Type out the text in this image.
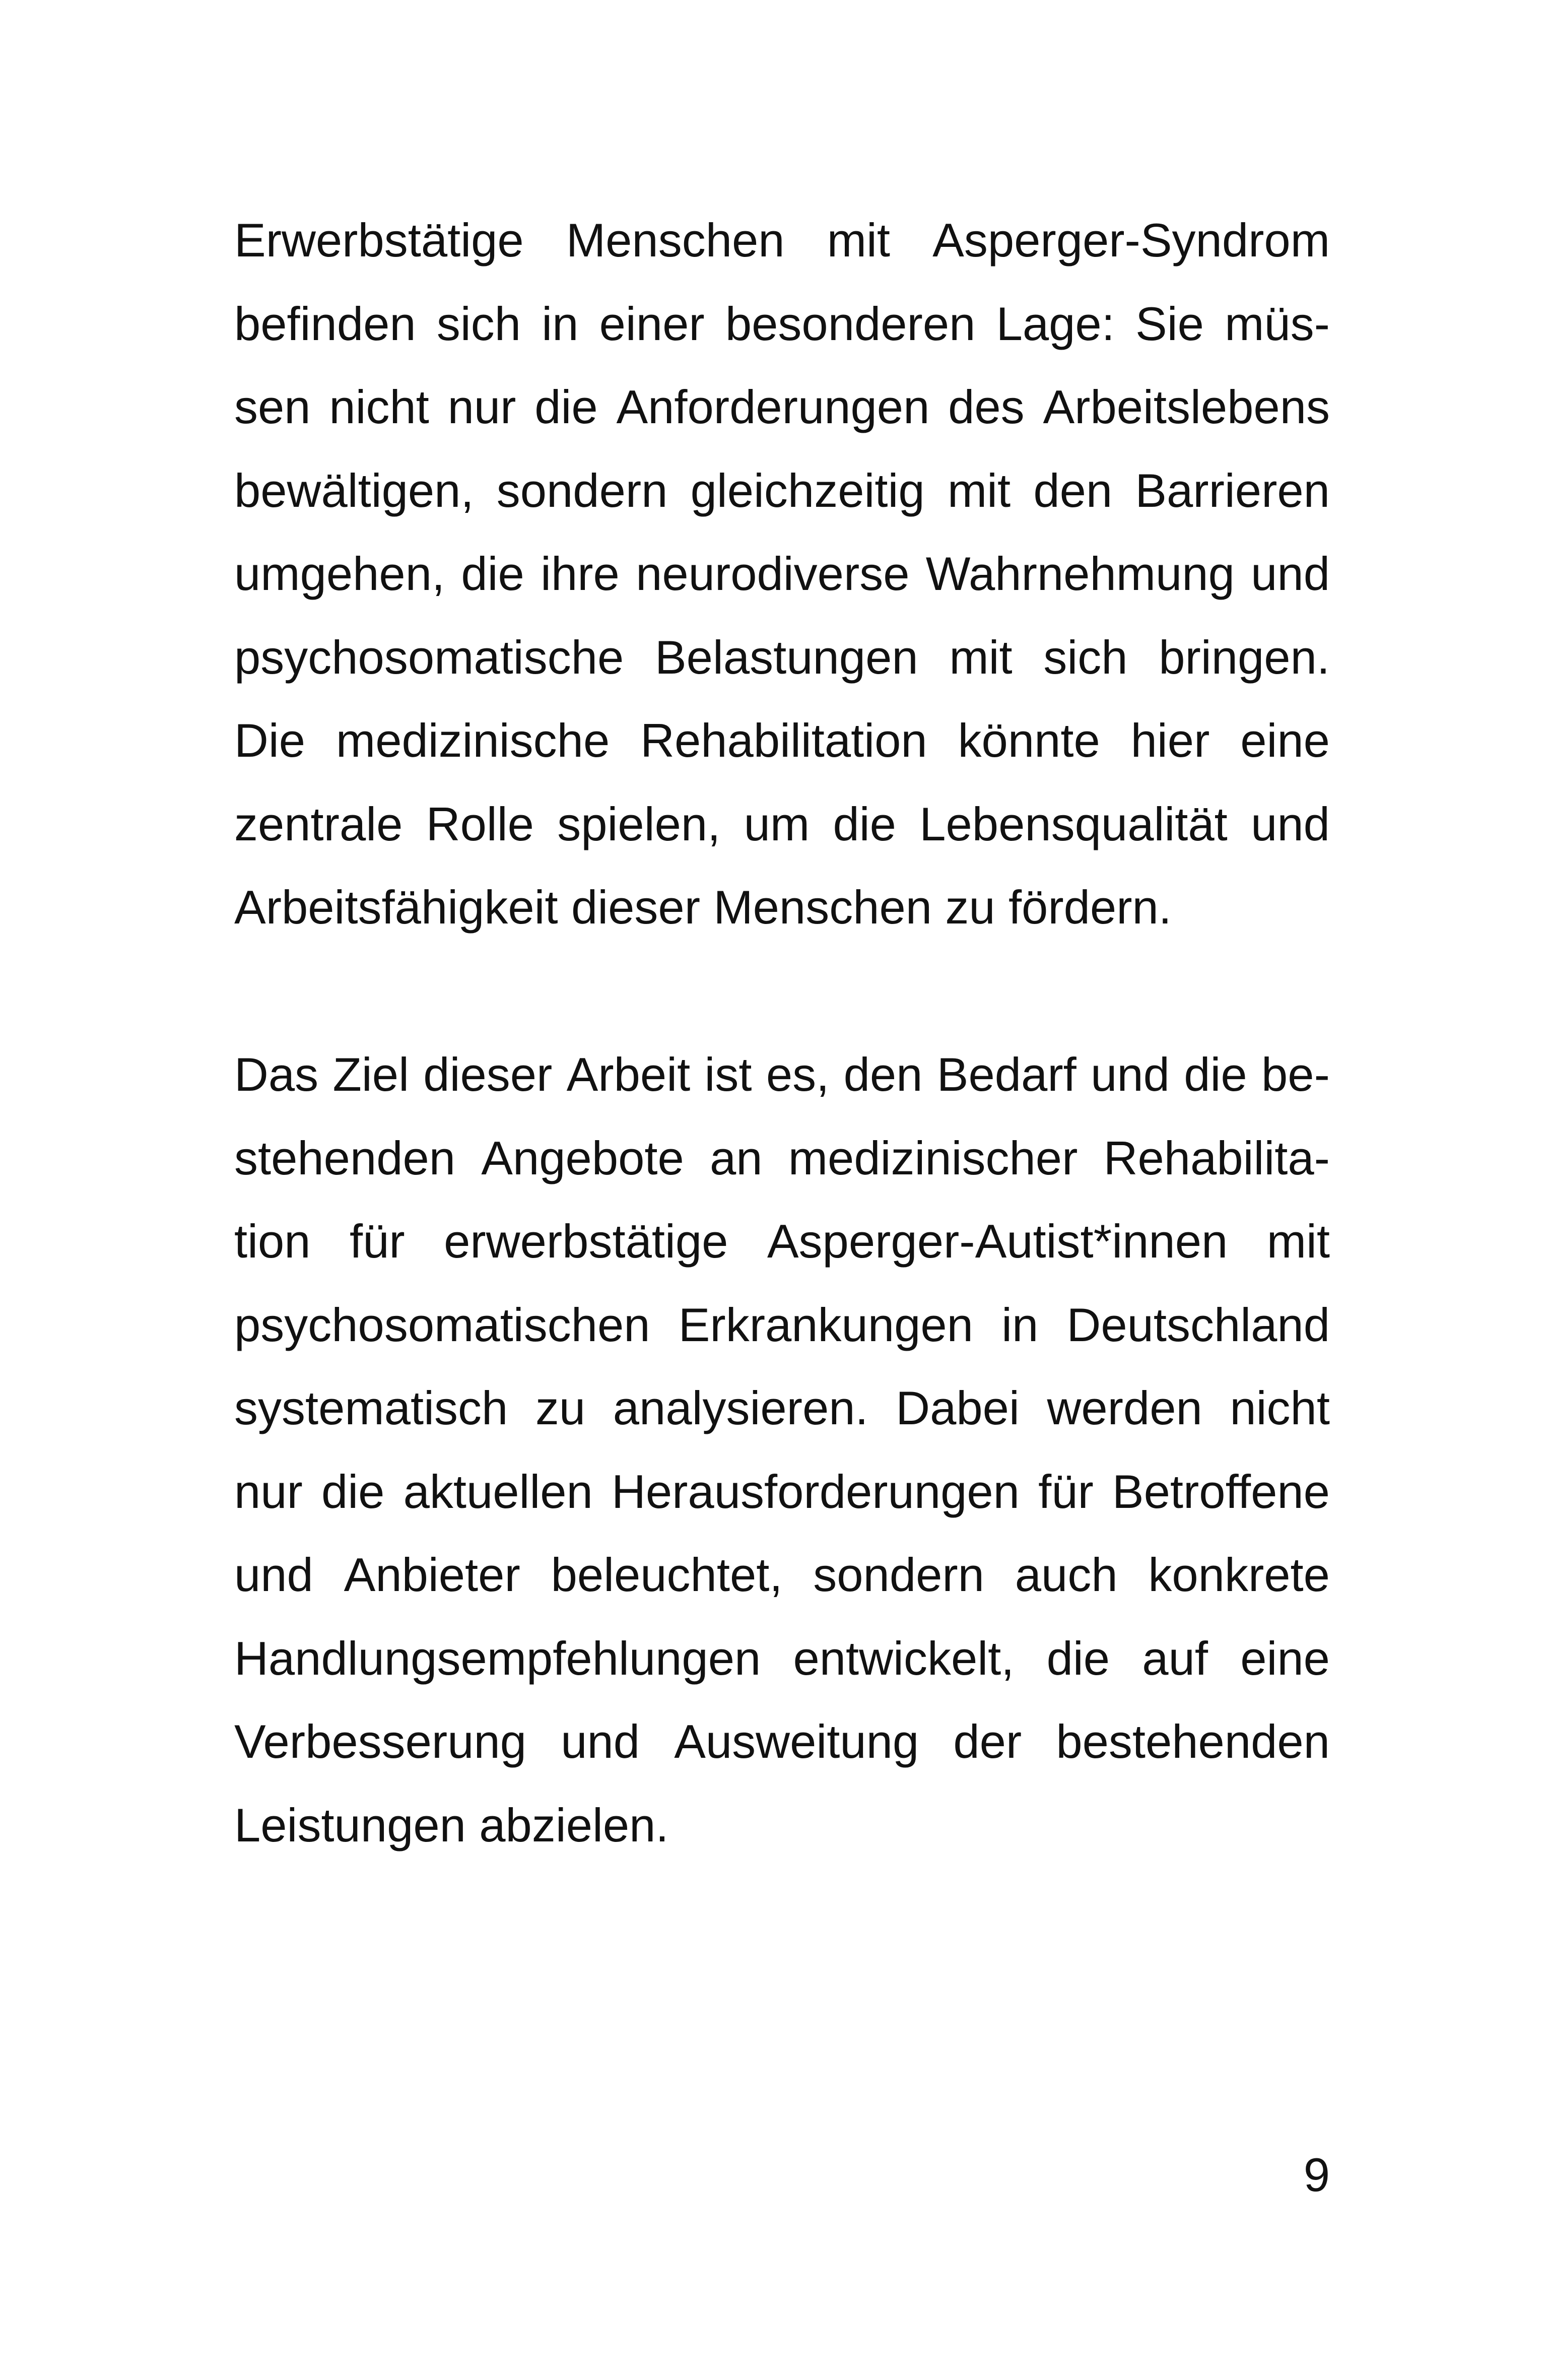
Erwerbstätige Menschen mit Asperger-Syndrom
befinden sich in einer besonderen Lage: Sie müs-
sen nicht nur die Anforderungen des Arbeitslebens
bewältigen, sondern gleichzeitig mit den Barrieren
umgehen, die ihre neurodiverse Wahrnehmung und
psychosomatische Belastungen mit sich bringen.
Die medizinische Rehabilitation könnte hier eine
zentrale Rolle spielen, um die Lebensqualität und
Arbeitsfähigkeit dieser Menschen zu fördern.
Das Ziel dieser Arbeit ist es, den Bedarf und die be-
stehenden Angebote an medizinischer Rehabilita-
tion für erwerbstätige Asperger-Autist*innen mit
psychosomatischen Erkrankungen in Deutschland
systematisch zu analysieren. Dabei werden nicht
nur die aktuellen Herausforderungen für Betroffene
und Anbieter beleuchtet, sondern auch konkrete
Handlungsempfehlungen entwickelt, die auf eine
Verbesserung und Ausweitung der bestehenden
Leistungen abzielen.
9
